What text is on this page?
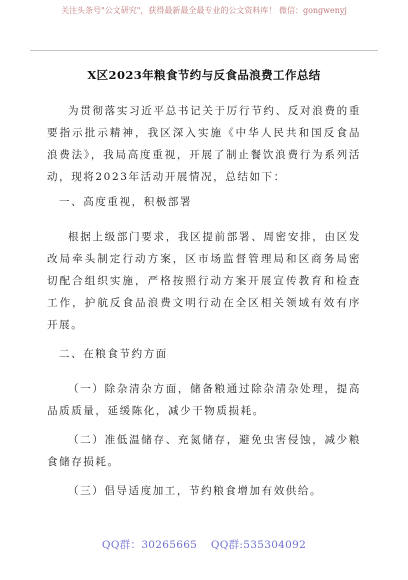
关注头条号"公文研究"，获得最新最全最专业的公文资料库！ 微信：gongwenyj
X区2023年粮食节约与反食品浪费工作总结
为贯彻落实习近平总书记关于厉行节约、反对浪费的重要指示批示精神，我区深入实施《中华人民共和国反食品浪费法》，我局高度重视，开展了制止餐饮浪费行为系列活动，现将2023年活动开展情况，总结如下：
一、高度重视，积极部署
根据上级部门要求，我区提前部署、周密安排，由区发改局牵头制定行动方案，区市场监督管理局和区商务局密切配合组织实施，严格按照行动方案开展宣传教育和检查工作，护航反食品浪费文明行动在全区相关领域有效有序开展。
二、在粮食节约方面
（一）除杂清杂方面，储备粮通过除杂清杂处理，提高品质质量，延缓陈化，减少干物质损耗。
（二）准低温储存、充氮储存，避免虫害侵蚀，减少粮食储存损耗。
（三）倡导适度加工，节约粮食增加有效供给。
QQ群：30265665 QQ群:535304092
